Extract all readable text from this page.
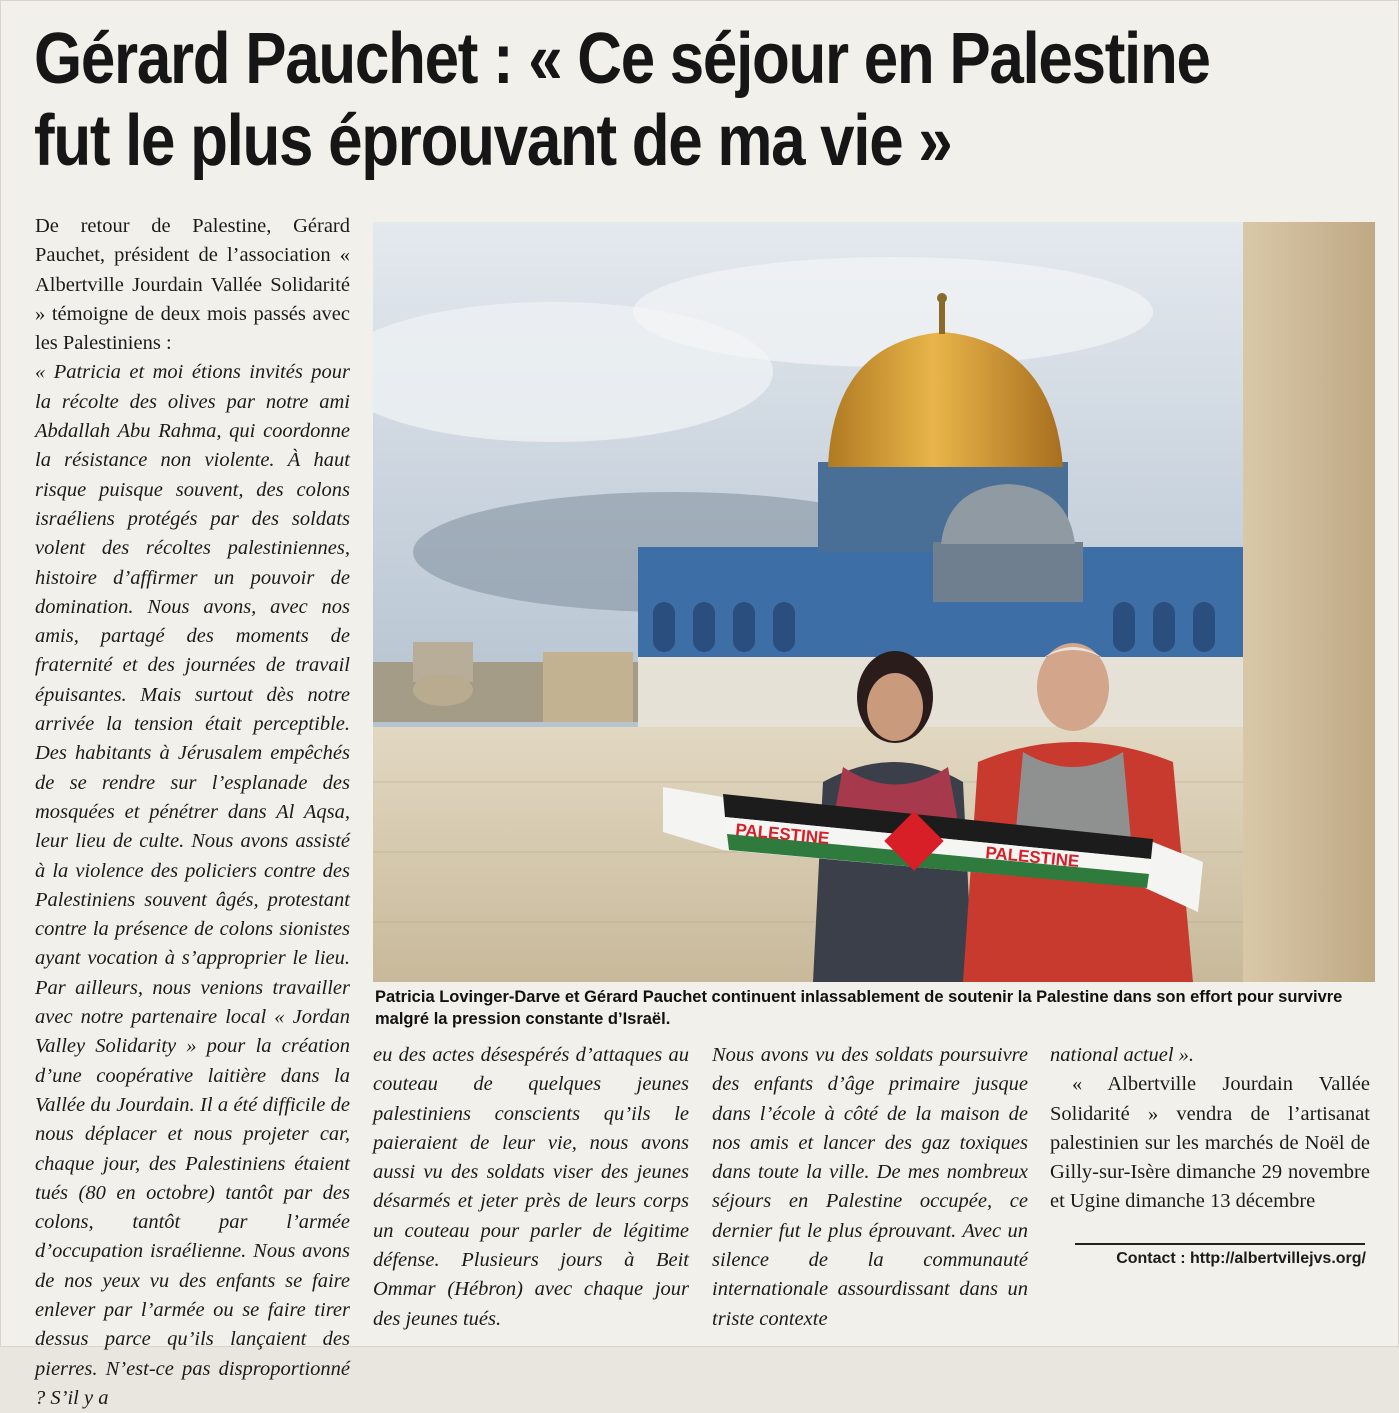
Gérard Pauchet : « Ce séjour en Palestine
fut le plus éprouvant de ma vie »

De retour de Palestine, Gérard Pauchet, président de l’association « Albertville Jourdain Vallée Solidarité » témoigne de deux mois passés avec les Palestiniens :

« Patricia et moi étions invités pour la récolte des olives par notre ami Abdallah Abu Rahma, qui coordonne la résistance non violente. À haut risque puisque souvent, des colons israéliens protégés par des soldats volent des récoltes palestiniennes, histoire d’affirmer un pouvoir de domination. Nous avons, avec nos amis, partagé des moments de fraternité et des journées de travail épuisantes. Mais surtout dès notre arrivée la tension était perceptible. Des habitants à Jérusalem empêchés de se rendre sur l’esplanade des mosquées et pénétrer dans Al Aqsa, leur lieu de culte. Nous avons assisté à la violence des policiers contre des Palestiniens souvent âgés, protestant contre la présence de colons sionistes ayant vocation à s’approprier le lieu. Par ailleurs, nous venions travailler avec notre partenaire local « Jordan Valley Solidarity » pour la création d’une coopérative laitière dans la Vallée du Jourdain. Il a été difficile de nous déplacer et nous projeter car, chaque jour, des Palestiniens étaient tués (80 en octobre) tantôt par des colons, tantôt par l’armée d’occupation israélienne. Nous avons de nos yeux vu des enfants se faire enlever par l’armée ou se faire tirer dessus parce qu’ils lançaient des pierres. N’est-ce pas disproportionné ? S’il y a

PALESTINE
PALESTINE
Patricia Lovinger-Darve et Gérard Pauchet continuent inlassablement de soutenir la Palestine dans son effort pour survivre malgré la pression constante d’Israël.

eu des actes désespérés d’attaques au couteau de quelques jeunes palestiniens conscients qu’ils le paieraient de leur vie, nous avons aussi vu des soldats viser des jeunes désarmés et jeter près de leurs corps un couteau pour parler de légitime défense. Plusieurs jours à Beit Ommar (Hébron) avec chaque jour des jeunes tués.

Nous avons vu des soldats poursuivre des enfants d’âge primaire jusque dans l’école à côté de la maison de nos amis et lancer des gaz toxiques dans toute la ville. De mes nombreux séjours en Palestine occupée, ce dernier fut le plus éprouvant. Avec un silence de la communauté internationale assourdissant dans un triste contexte

national actuel ».

« Albertville Jourdain Vallée Solidarité » vendra de l’artisanat palestinien sur les marchés de Noël de Gilly-sur-Isère dimanche 29 novembre et Ugine dimanche 13 décembre

Contact : http://albertvillejvs.org/
